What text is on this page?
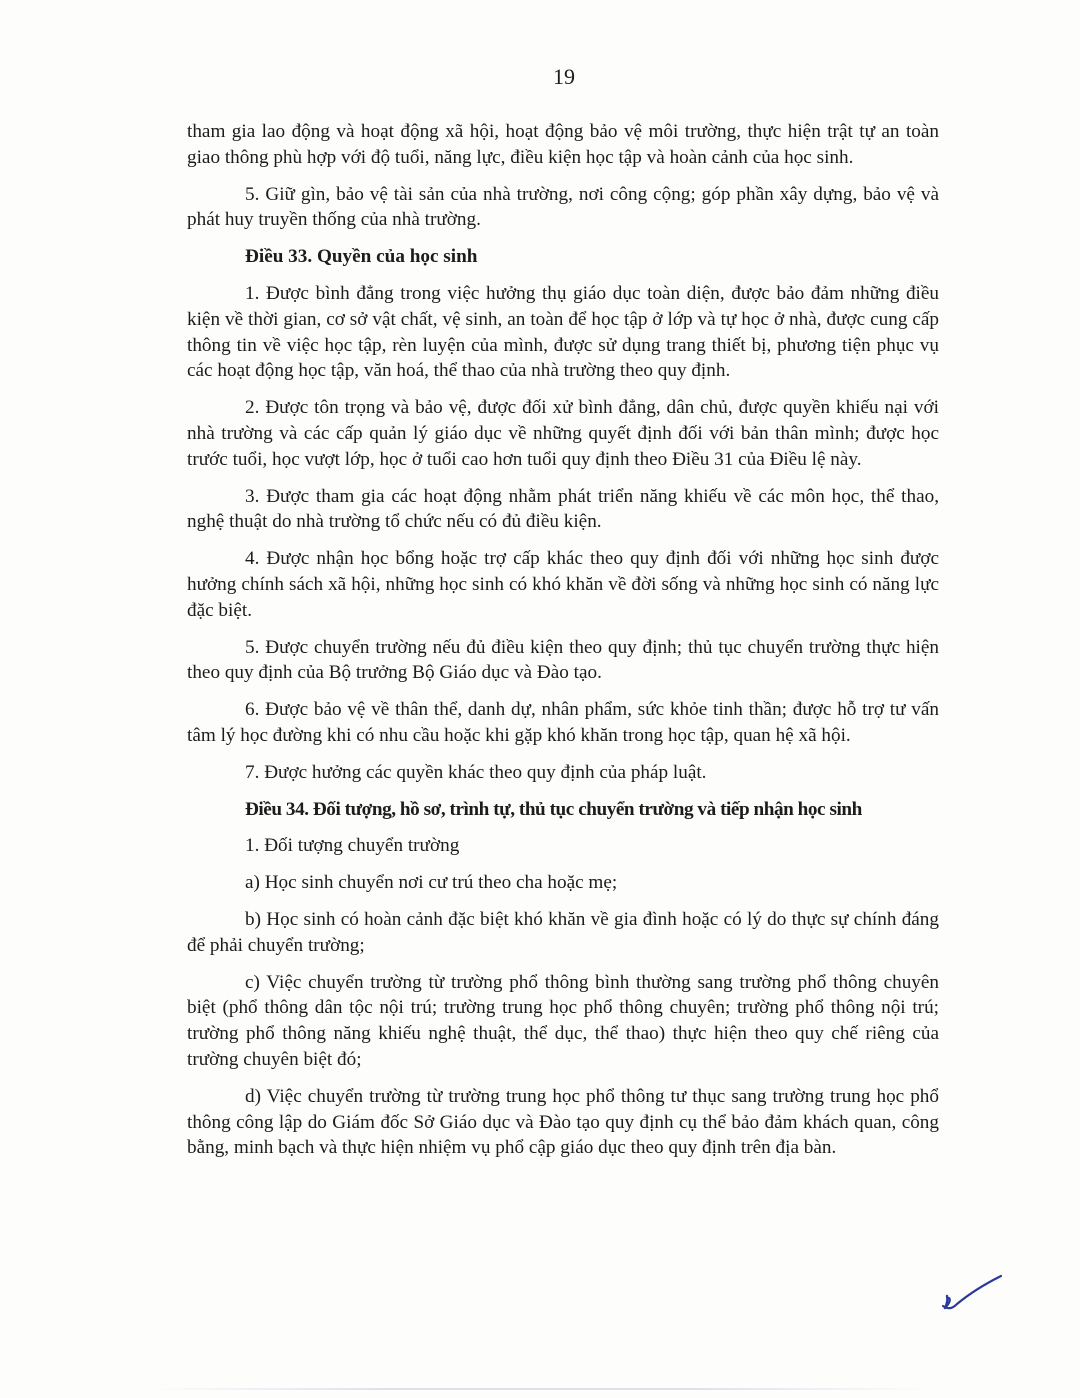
19

tham gia lao động và hoạt động xã hội, hoạt động bảo vệ môi trường, thực hiện trật tự an toàn giao thông phù hợp với độ tuổi, năng lực, điều kiện học tập và hoàn cảnh của học sinh.

5. Giữ gìn, bảo vệ tài sản của nhà trường, nơi công cộng; góp phần xây dựng, bảo vệ và phát huy truyền thống của nhà trường.

Điều 33. Quyền của học sinh

1. Được bình đẳng trong việc hưởng thụ giáo dục toàn diện, được bảo đảm những điều kiện về thời gian, cơ sở vật chất, vệ sinh, an toàn để học tập ở lớp và tự học ở nhà, được cung cấp thông tin về việc học tập, rèn luyện của mình, được sử dụng trang thiết bị, phương tiện phục vụ các hoạt động học tập, văn hoá, thể thao của nhà trường theo quy định.

2. Được tôn trọng và bảo vệ, được đối xử bình đẳng, dân chủ, được quyền khiếu nại với nhà trường và các cấp quản lý giáo dục về những quyết định đối với bản thân mình; được học trước tuổi, học vượt lớp, học ở tuổi cao hơn tuổi quy định theo Điều 31 của Điều lệ này.

3. Được tham gia các hoạt động nhằm phát triển năng khiếu về các môn học, thể thao, nghệ thuật do nhà trường tổ chức nếu có đủ điều kiện.

4. Được nhận học bổng hoặc trợ cấp khác theo quy định đối với những học sinh được hưởng chính sách xã hội, những học sinh có khó khăn về đời sống và những học sinh có năng lực đặc biệt.

5. Được chuyển trường nếu đủ điều kiện theo quy định; thủ tục chuyển trường thực hiện theo quy định của Bộ trưởng Bộ Giáo dục và Đào tạo.

6. Được bảo vệ về thân thể, danh dự, nhân phẩm, sức khỏe tinh thần; được hỗ trợ tư vấn tâm lý học đường khi có nhu cầu hoặc khi gặp khó khăn trong học tập, quan hệ xã hội.

7. Được hưởng các quyền khác theo quy định của pháp luật.

Điều 34. Đối tượng, hồ sơ, trình tự, thủ tục chuyển trường và tiếp nhận học sinh

1. Đối tượng chuyển trường

a) Học sinh chuyển nơi cư trú theo cha hoặc mẹ;

b) Học sinh có hoàn cảnh đặc biệt khó khăn về gia đình hoặc có lý do thực sự chính đáng để phải chuyển trường;

c) Việc chuyển trường từ trường phổ thông bình thường sang trường phổ thông chuyên biệt (phổ thông dân tộc nội trú; trường trung học phổ thông chuyên; trường phổ thông nội trú; trường phổ thông năng khiếu nghệ thuật, thể dục, thể thao) thực hiện theo quy chế riêng của trường chuyên biệt đó;

d) Việc chuyển trường từ trường trung học phổ thông tư thục sang trường trung học phổ thông công lập do Giám đốc Sở Giáo dục và Đào tạo quy định cụ thể bảo đảm khách quan, công bằng, minh bạch và thực hiện nhiệm vụ phổ cập giáo dục theo quy định trên địa bàn.
